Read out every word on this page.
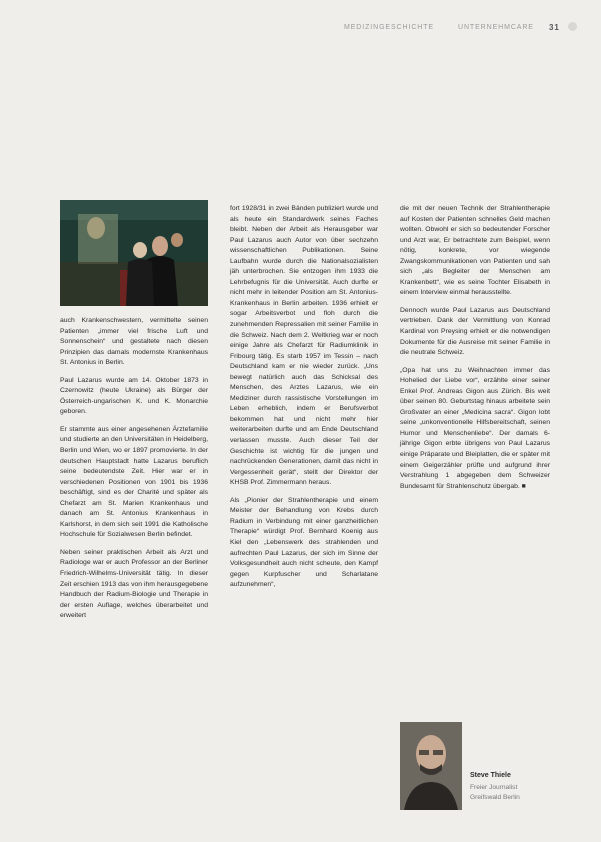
MEDIZINGESCHICHTE	UNTERNEHMCARE 31

auch Krankenschwestern, vermittelte seinen Patienten „immer viel frische Luft und Sonnenschein“ und gestaltete nach diesen Prinzipien das damals modernste Krankenhaus St. Antonius in Berlin.

Paul Lazarus wurde am 14. Oktober 1873 in Czernowitz (heute Ukraine) als Bürger der Österreich-ungarischen K. und K. Monarchie geboren.

Er stammte aus einer angesehenen Ärztefamilie und studierte an den Universitäten in Heidelberg, Berlin und Wien, wo er 1897 promovierte. In der deutschen Hauptstadt hatte Lazarus beruflich seine bedeutendste Zeit. Hier war er in verschiedenen Positionen von 1901 bis 1936 beschäftigt, sind es der Charité und später als Chefarzt am St. Marien Krankenhaus und danach am St. Antonius Krankenhaus in Karlshorst, in dem sich seit 1991 die Katholische Hochschule für Sozialwesen Berlin befindet.

Neben seiner praktischen Arbeit als Arzt und Radiologe war er auch Professor an der Berliner Friedrich-Wilhelms-Universität tätig. In dieser Zeit erschien 1913 das von ihm herausgegebene Handbuch der Radium-Biologie und Therapie in der ersten Auflage, welches überarbeitet und erweitert

fort 1928/31 in zwei Bänden publiziert wurde und als heute ein Standardwerk seines Faches bleibt. Neben der Arbeit als Herausgeber war Paul Lazarus auch Autor von über sechzehn wissenschaftlichen Publikationen. Seine Laufbahn wurde durch die Nationalsozialisten jäh unterbrochen. Sie entzogen ihm 1933 die Lehrbefugnis für die Universität. Auch durfte er nicht mehr in leitender Position am St. Antonius-Krankenhaus in Berlin arbeiten. 1936 erhielt er sogar Arbeitsverbot und floh durch die zunehmenden Repressalien mit seiner Familie in die Schweiz. Nach dem 2. Weltkrieg war er noch einige Jahre als Chefarzt für Radiumklinik in Fribourg tätig. Es starb 1957 im Tessin – nach Deutschland kam er nie wieder zurück. „Uns bewegt natürlich auch das Schicksal des Menschen, des Arztes Lazarus, wie ein Mediziner durch rassistische Vorstellungen im Leben erheblich, indem er Berufsverbot bekommen hat und nicht mehr hier weiterarbeiten durfte und am Ende Deutschland verlassen musste. Auch dieser Teil der Geschichte ist wichtig für die jungen und nachrückenden Generationen, damit das nicht in Vergessenheit gerät“, stellt der Direktor der KHSB Prof. Zimmermann heraus.

Als „Pionier der Strahlentherapie und einem Meister der Behandlung von Krebs durch Radium in Verbindung mit einer ganzheitlichen Therapie“ würdigt Prof. Bernhard Koenig aus Kiel den „Lebenswerk des strahlenden und aufrechten Paul Lazarus, der sich im Sinne der Volksgesundheit auch nicht scheute, den Kampf gegen Kurpfuscher und Scharlatane aufzunehmen“,

die mit der neuen Technik der Strahlentherapie auf Kosten der Patienten schnelles Geld machen wollten. Obwohl er sich so bedeutender Forscher und Arzt war, Er betrachtete zum Beispiel, wenn nötig, konkrete, vor wiegende Zwangskommunikationen von Patienten und sah sich „als Begleiter der Menschen am Krankenbett“, wie es seine Tochter Elisabeth in einem Interview einmal herausstellte.

Dennoch wurde Paul Lazarus aus Deutschland vertrieben. Dank der Vermittlung von Konrad Kardinal von Preysing erhielt er die notwendigen Dokumente für die Ausreise mit seiner Familie in die neutrale Schweiz.

„Opa hat uns zu Weihnachten immer das Hohelied der Liebe vor“, erzählte einer seiner Enkel Prof. Andreas Gigon aus Zürich. Bis weit über seinen 80. Geburtstag hinaus arbeitete sein Großvater an einer „Medicina sacra“. Gigon lobt seine „unkonventionelle Hilfsbereitschaft, seinen Humor und Menschenliebe“. Der damals 6-jährige Gigon erbte übrigens von Paul Lazarus einige Präparate und Bleiplatten, die er später mit einem Geigerzähler prüfte und aufgrund ihrer Verstrahlung 1 abgegeben dem Schweizer Bundesamt für Strahlenschutz übergab. ■

Steve Thiele
Freier Journalist
Greifswald Berlin
